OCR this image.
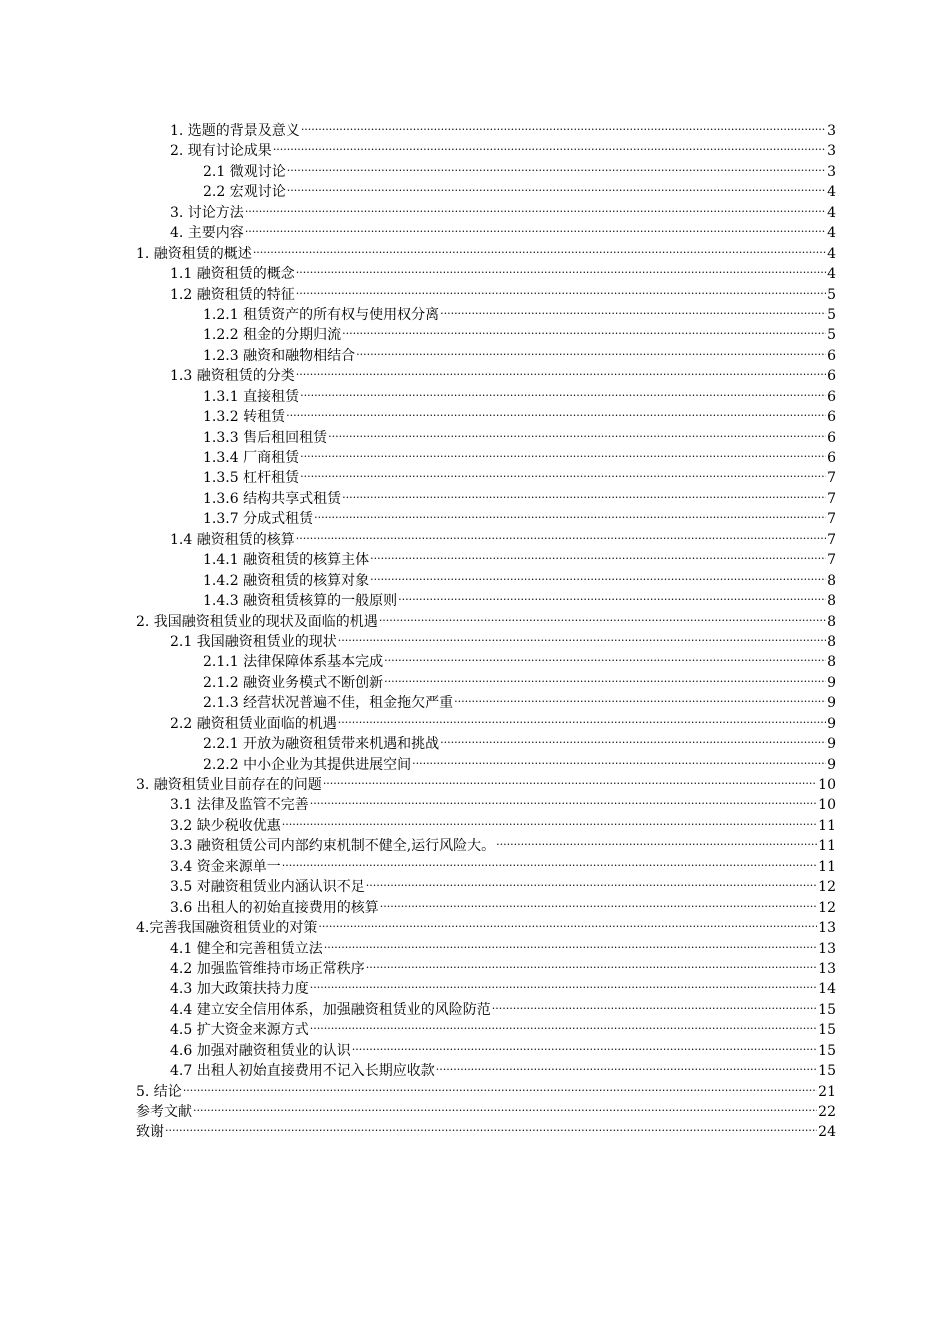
1. 选题的背景及意义 .....	3
2. 现有讨论成果 .....	3
2.1 微观讨论 .....	3
2.2 宏观讨论 .....	4
3. 讨论方法 .....	4
4. 主要内容 .....	4
1. 融资租赁的概述 .....	4
1.1 融资租赁的概念 .....	4
1.2 融资租赁的特征 .....	5
1.2.1 租赁资产的所有权与使用权分离 .....	5
1.2.2 租金的分期归流 .....	5
1.2.3 融资和融物相结合 .....	6
1.3 融资租赁的分类 .....	6
1.3.1 直接租赁 .....	6
1.3.2 转租赁 .....	6
1.3.3 售后租回租赁 .....	6
1.3.4 厂商租赁 .....	6
1.3.5 杠杆租赁 .....	7
1.3.6 结构共享式租赁 .....	7
1.3.7 分成式租赁 .....	7
1.4 融资租赁的核算 .....	7
1.4.1 融资租赁的核算主体 .....	7
1.4.2 融资租赁的核算对象 .....	8
1.4.3 融资租赁核算的一般原则 .....	8
2. 我国融资租赁业的现状及面临的机遇 .....	8
2.1 我国融资租赁业的现状 .....	8
2.1.1 法律保障体系基本完成 .....	8
2.1.2 融资业务模式不断创新 .....	9
2.1.3 经营状况普遍不佳，租金拖欠严重 .....	9
2.2 融资租赁业面临的机遇 .....	9
2.2.1 开放为融资租赁带来机遇和挑战 .....	9
2.2.2 中小企业为其提供进展空间 .....	9
3. 融资租赁业目前存在的问题 .....	10
3.1 法律及监管不完善 .....	10
3.2 缺少税收优惠 .....	11
3.3 融资租赁公司内部约束机制不健全,运行风险大。 .....	11
3.4 资金来源单一 .....	11
3.5 对融资租赁业内涵认识不足 .....	12
3.6 出租人的初始直接费用的核算 .....	12
4.完善我国融资租赁业的对策 .....	13
4.1 健全和完善租赁立法 .....	13
4.2 加强监管维持市场正常秩序 .....	13
4.3 加大政策扶持力度 .....	14
4.4 建立安全信用体系，加强融资租赁业的风险防范 .....	15
4.5 扩大资金来源方式 .....	15
4.6 加强对融资租赁业的认识 .....	15
4.7 出租人初始直接费用不记入长期应收款 .....	15
5. 结论 .....	21
参考文献 .....	22
致谢 .....	24
